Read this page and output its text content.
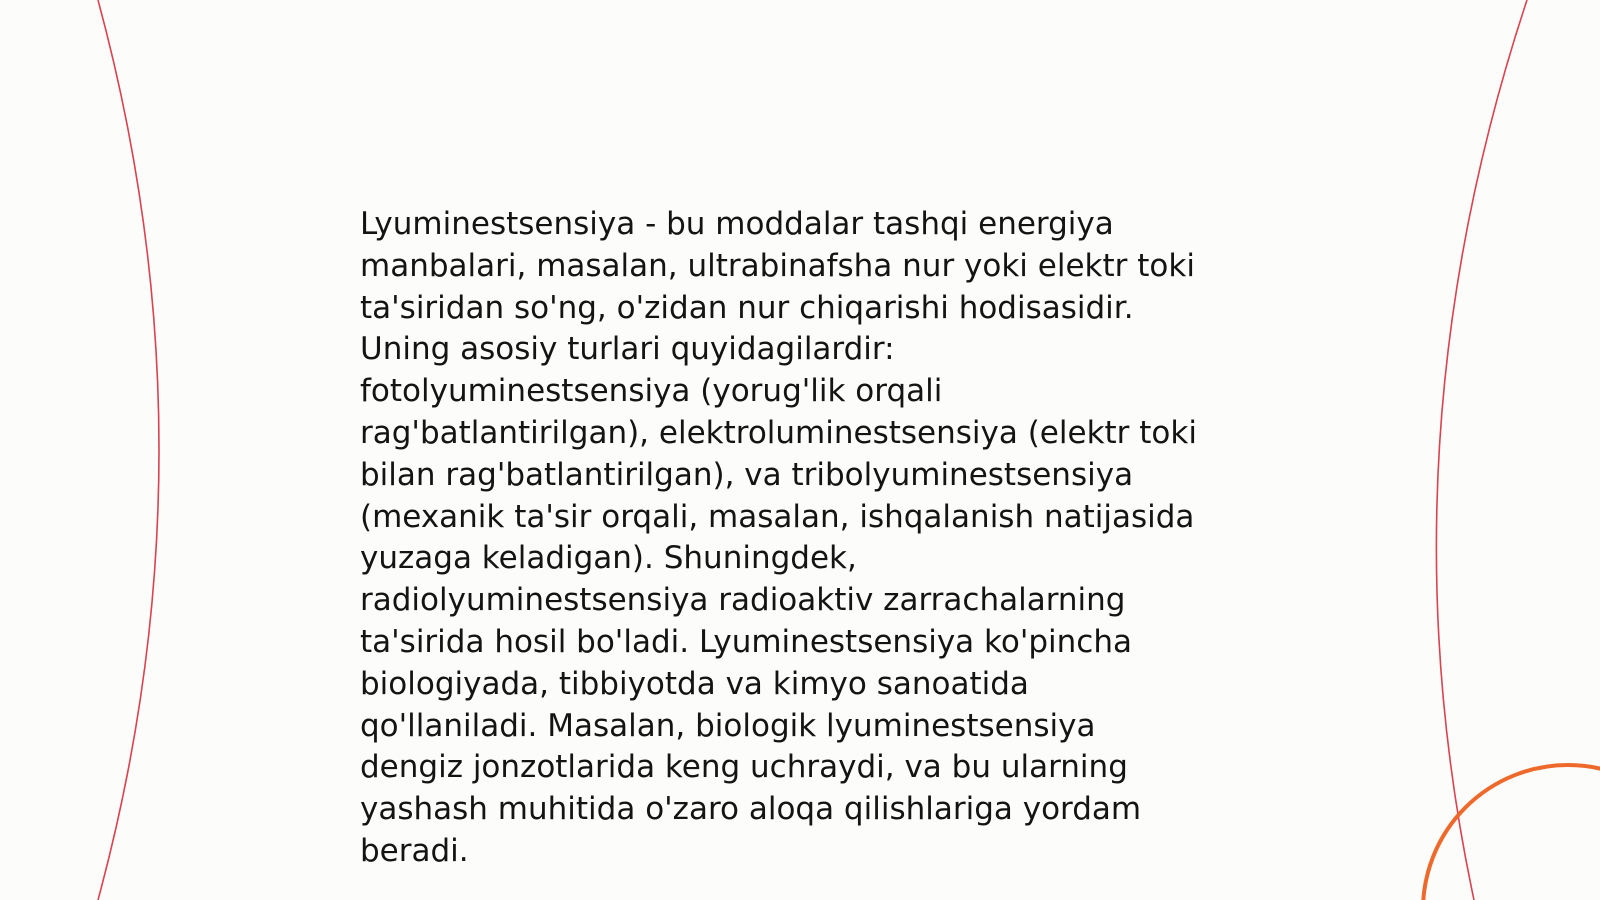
Lyuminestsensiya - bu moddalar tashqi energiya
manbalari, masalan, ultrabinafsha nur yoki elektr toki
ta'siridan so'ng, o'zidan nur chiqarishi hodisasidir.
Uning asosiy turlari quyidagilardir:
fotolyuminestsensiya (yorug'lik orqali
rag'batlantirilgan), elektroluminestsensiya (elektr toki
bilan rag'batlantirilgan), va tribolyuminestsensiya
(mexanik ta'sir orqali, masalan, ishqalanish natijasida
yuzaga keladigan). Shuningdek,
radiolyuminestsensiya radioaktiv zarrachalarning
ta'sirida hosil bo'ladi. Lyuminestsensiya ko'pincha
biologiyada, tibbiyotda va kimyo sanoatida
qo'llaniladi. Masalan, biologik lyuminestsensiya
dengiz jonzotlarida keng uchraydi, va bu ularning
yashash muhitida o'zaro aloqa qilishlariga yordam
beradi.
